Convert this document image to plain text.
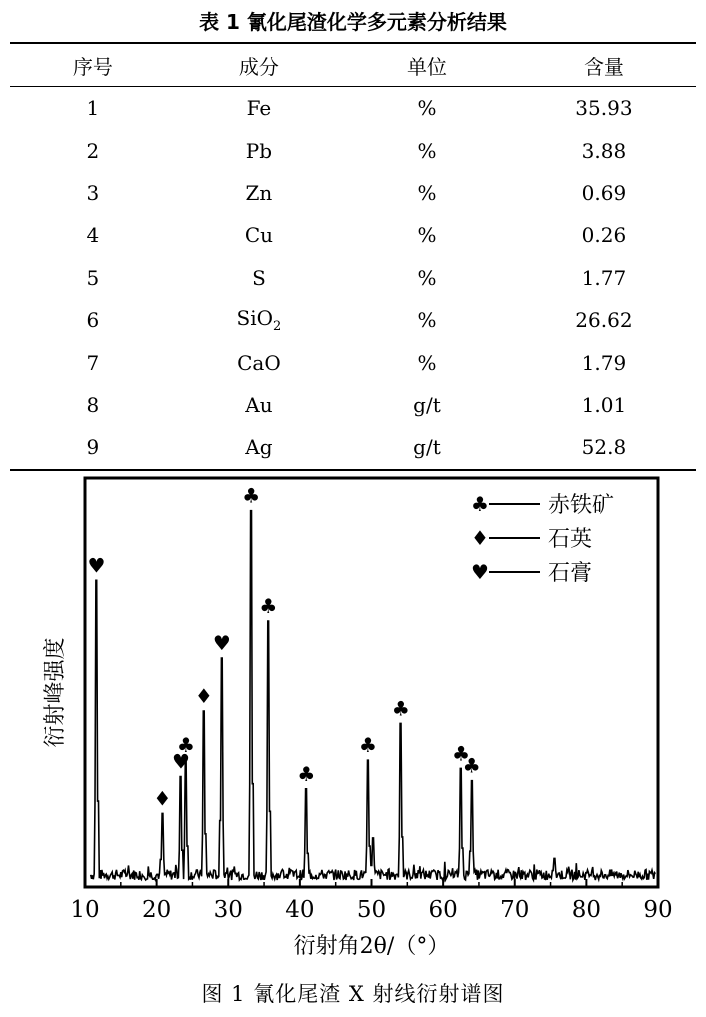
表 1 氰化尾渣化学多元素分析结果
序号	成分	单位	含量
1	Fe	%	35.93
2	Pb	%	3.88
3	Zn	%	0.69
4	Cu	%	0.26
5	S	%	1.77
6	SiO$_2$	%	26.62
7	CaO	%	1.79
8	Au	g/t	1.01
9	Ag	g/t	52.8
♥
♦
♥
♣
♦
♥
♣
♣
♣
♣
♣
♣
♣
10 20 30 40 50 60 70 80 90
衍射角2θ/（°）
衍射峰强度
♣	赤铁矿
♦	石英
♥	石膏
图 1 氰化尾渣 X 射线衍射谱图
